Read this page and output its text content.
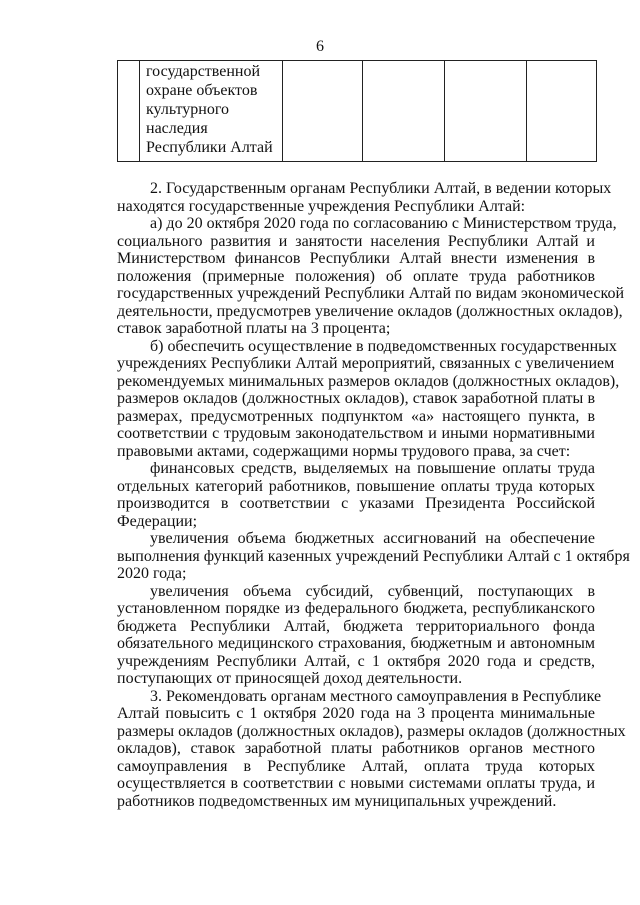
6

государственной
охране объектов
культурного
наследия
Республики Алтай

2. Государственным органам Республики Алтай, в ведении которых
находятся государственные учреждения Республики Алтай:
а) до 20 октября 2020 года по согласованию с Министерством труда,
социального развития и занятости населения Республики Алтай и
Министерством финансов Республики Алтай внести изменения в
положения (примерные положения) об оплате труда работников
государственных учреждений Республики Алтай по видам экономической
деятельности, предусмотрев увеличение окладов (должностных окладов),
ставок заработной платы на 3 процента;
б) обеспечить осуществление в подведомственных государственных
учреждениях Республики Алтай мероприятий, связанных с увеличением
рекомендуемых минимальных размеров окладов (должностных окладов),
размеров окладов (должностных окладов), ставок заработной платы в
размерах, предусмотренных подпунктом «а» настоящего пункта, в
соответствии с трудовым законодательством и иными нормативными
правовыми актами, содержащими нормы трудового права, за счет:
финансовых средств, выделяемых на повышение оплаты труда
отдельных категорий работников, повышение оплаты труда которых
производится в соответствии с указами Президента Российской
Федерации;
увеличения объема бюджетных ассигнований на обеспечение
выполнения функций казенных учреждений Республики Алтай с 1 октября
2020 года;
увеличения объема субсидий, субвенций, поступающих в
установленном порядке из федерального бюджета, республиканского
бюджета Республики Алтай, бюджета территориального фонда
обязательного медицинского страхования, бюджетным и автономным
учреждениям Республики Алтай, с 1 октября 2020 года и средств,
поступающих от приносящей доход деятельности.
3. Рекомендовать органам местного самоуправления в Республике
Алтай повысить с 1 октября 2020 года на 3 процента минимальные
размеры окладов (должностных окладов), размеры окладов (должностных
окладов), ставок заработной платы работников органов местного
самоуправления в Республике Алтай, оплата труда которых
осуществляется в соответствии с новыми системами оплаты труда, и
работников подведомственных им муниципальных учреждений.
